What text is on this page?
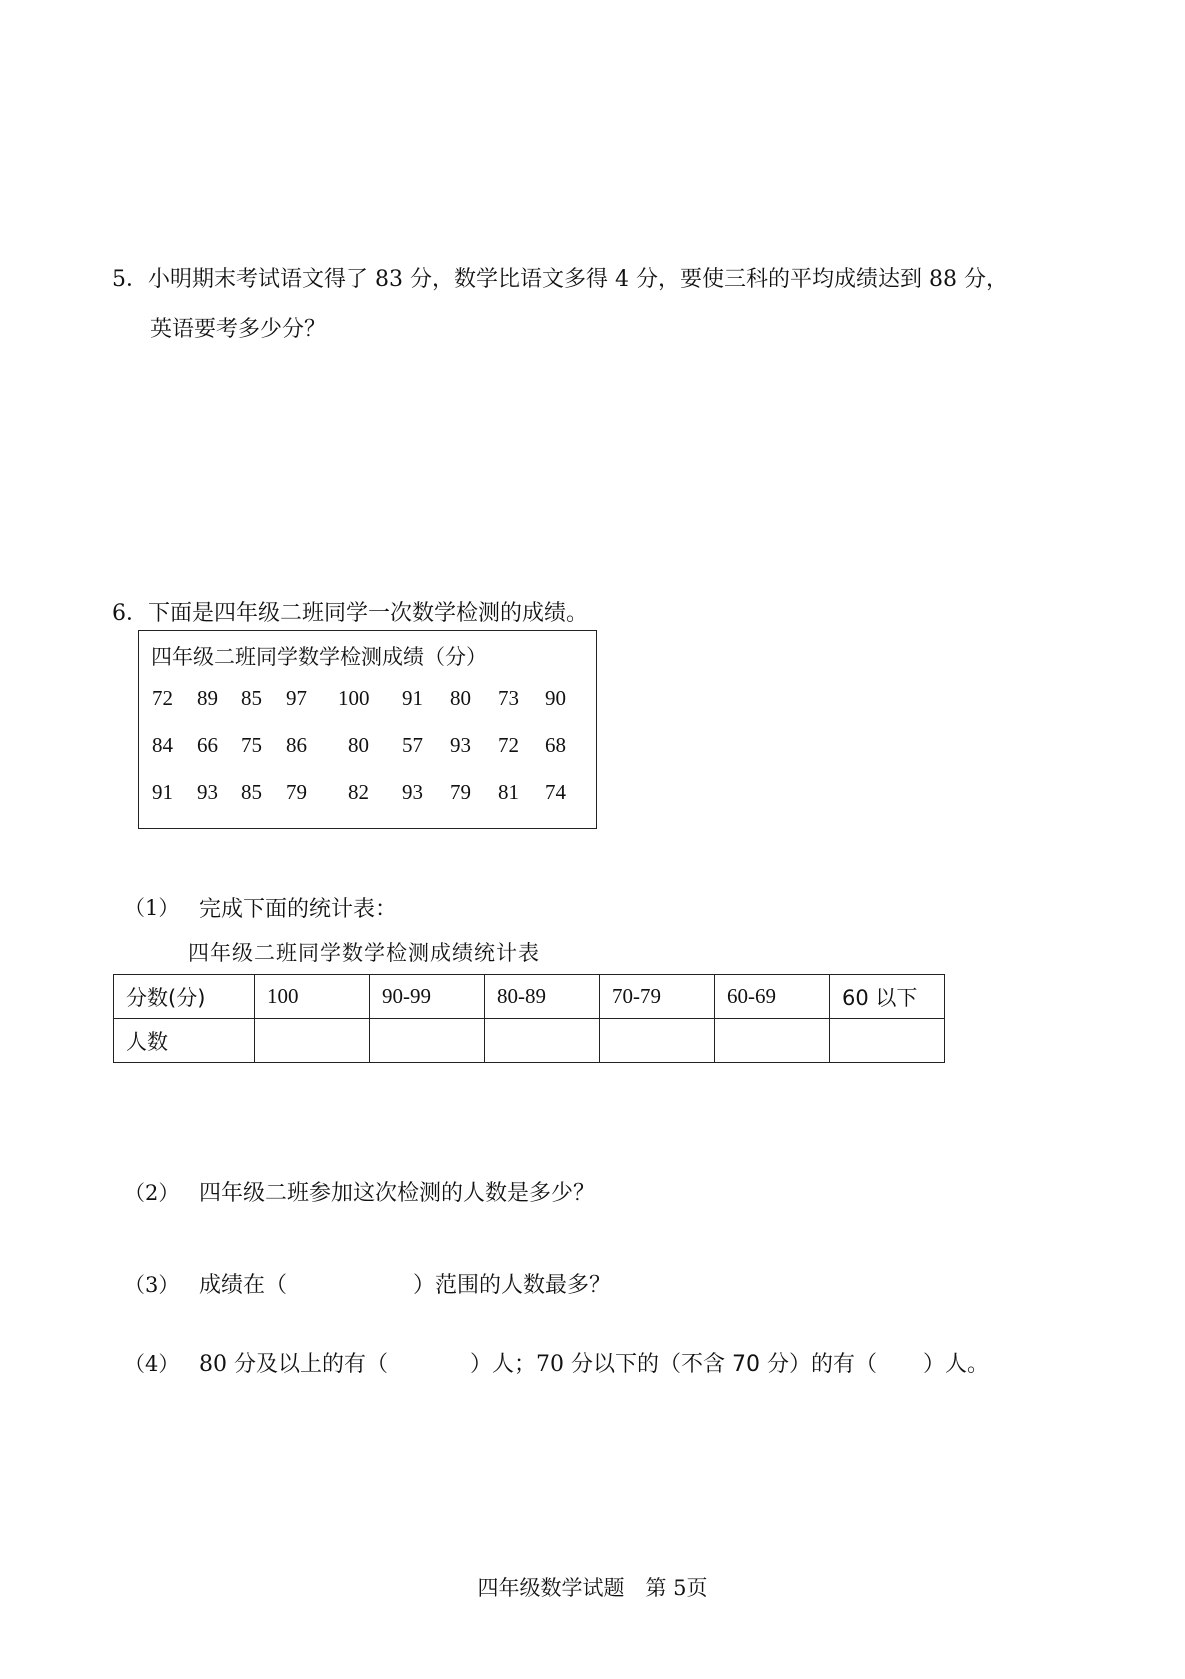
5．小明期末考试语文得了 83 分，数学比语文多得 4 分，要使三科的平均成绩达到 88 分，
英语要考多少分？
6．下面是四年级二班同学一次数学检测的成绩。
四年级二班同学数学检测成绩（分）
72 89 85 97 100 91 80 73 90
84 66 75 86 80 57 93 72 68
91 93 85 79 82 93 79 81 74
（1） 完成下面的统计表：
四年级二班同学数学检测成绩统计表
分数(分)	100	90-99	80-89	70-79	60-69	60 以下
人数						
（2） 四年级二班参加这次检测的人数是多少？
（3） 成绩在（	）范围的人数最多？
（4） 80 分及以上的有（	）人；70 分以下的（不含 70 分）的有（ ）人。
四年级数学试题　第 5页
